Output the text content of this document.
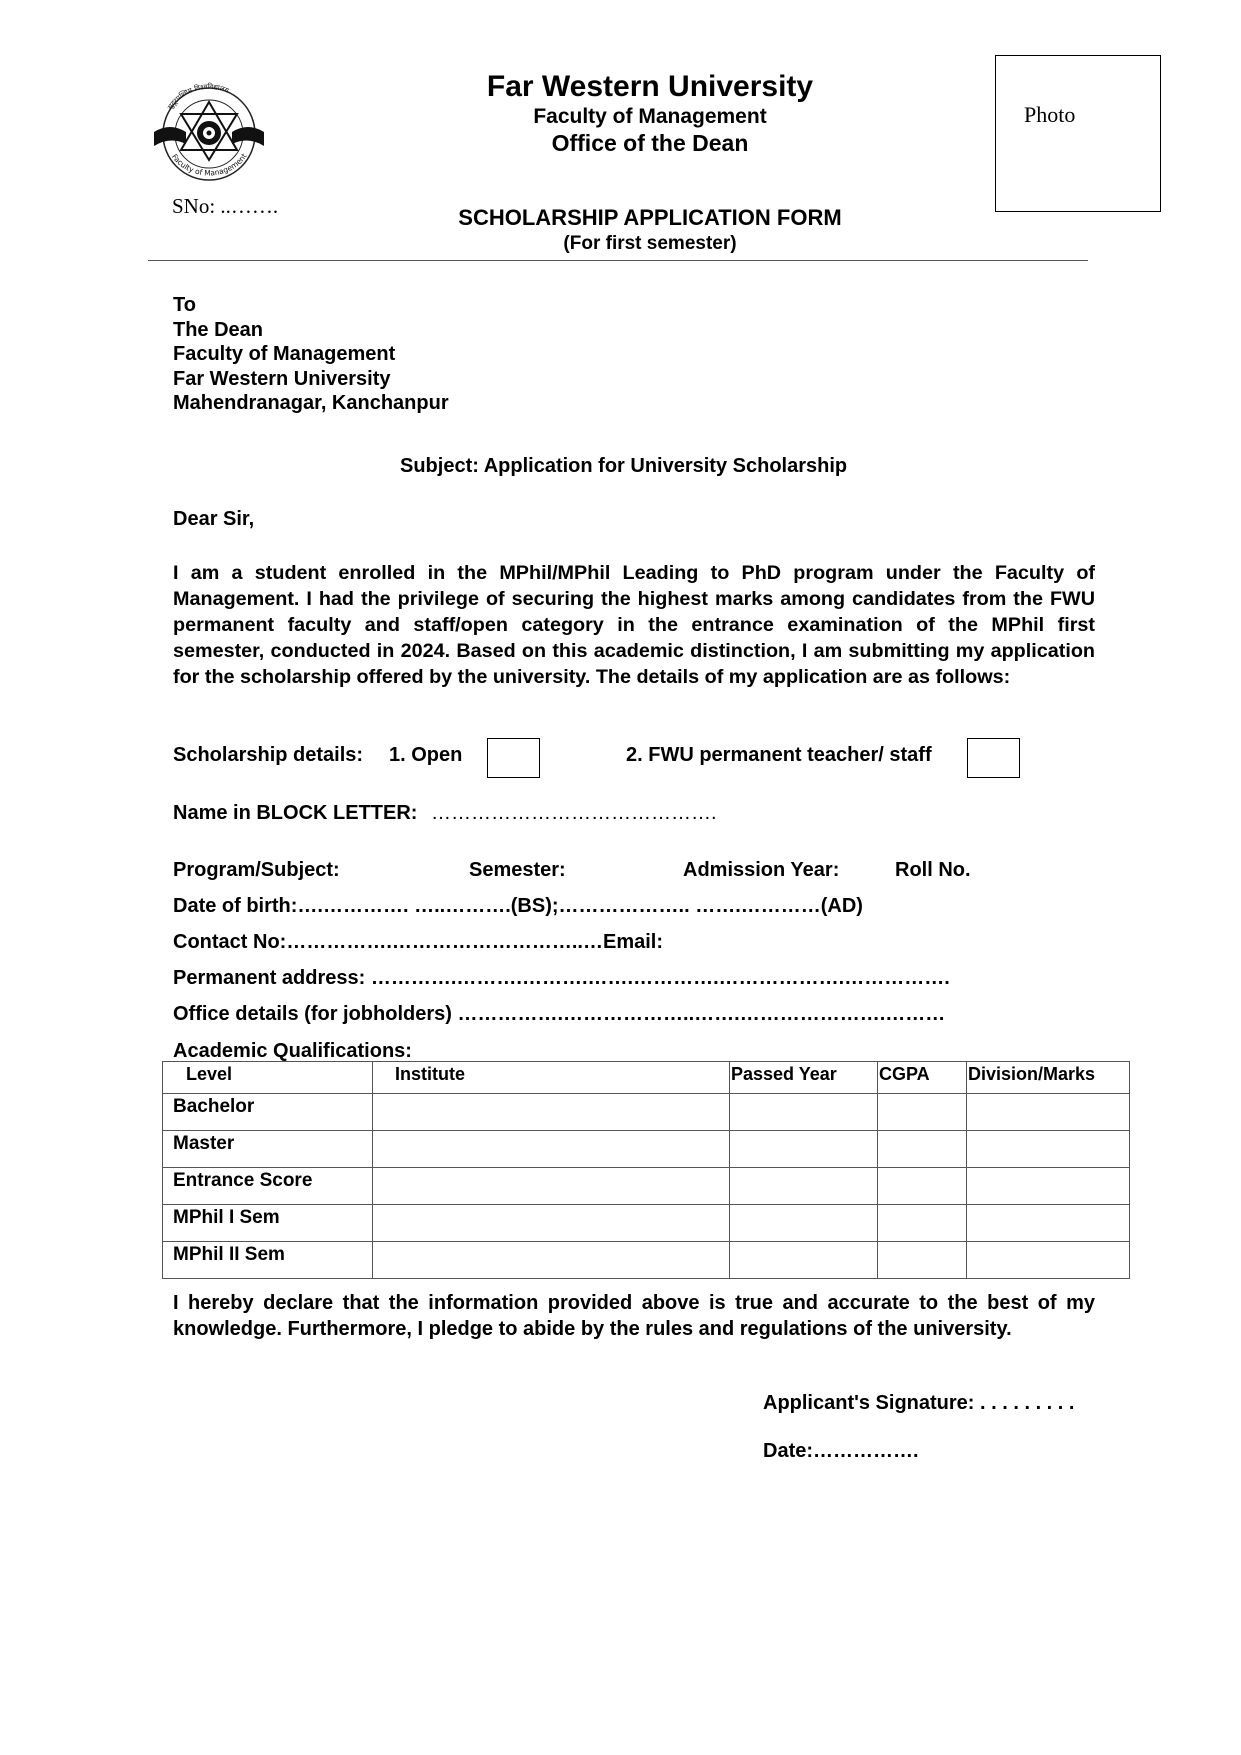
सुदूरपश्चिम विश्वविद्यालय
Faculty of Management
SNo: ..…….
Far Western University
Faculty of Management
Office of the Dean
SCHOLARSHIP APPLICATION FORM
(For first semester)
Photo
To
The Dean
Faculty of Management
Far Western University
Mahendranagar, Kanchanpur
Subject: Application for University Scholarship
Dear Sir,
I am a student enrolled in the MPhil/MPhil Leading to PhD program under the Faculty of Management. I had the privilege of securing the highest marks among candidates from the FWU permanent faculty and staff/open category in the entrance examination of the MPhil first semester, conducted in 2024. Based on this academic distinction, I am submitting my application for the scholarship offered by the university. The details of my application are as follows:
Scholarship details: 1. Open	2. FWU permanent teacher/ staff
Name in BLOCK LETTER: …………………………………….
Program/Subject:	Semester:	Admission Year:	Roll No.
Date of birth:….…………. …..……….(BS);……………….. …….…………(AD)
Contact No:…………….………………………..…Email:
Permanent address: ………….……….……….…….………….……………….…………….
Office details (for jobholders) …………….………………..…….………………….………
Academic Qualifications:
Level	Institute	Passed Year	CGPA	Division/Marks

Bachelor				

Master				

Entrance Score				

MPhil I Sem				

MPhil II Sem				

I hereby declare that the information provided above is true and accurate to the best of my knowledge. Furthermore, I pledge to abide by the rules and regulations of the university.
Applicant's Signature: . . . . . . . . .
Date:…………….
